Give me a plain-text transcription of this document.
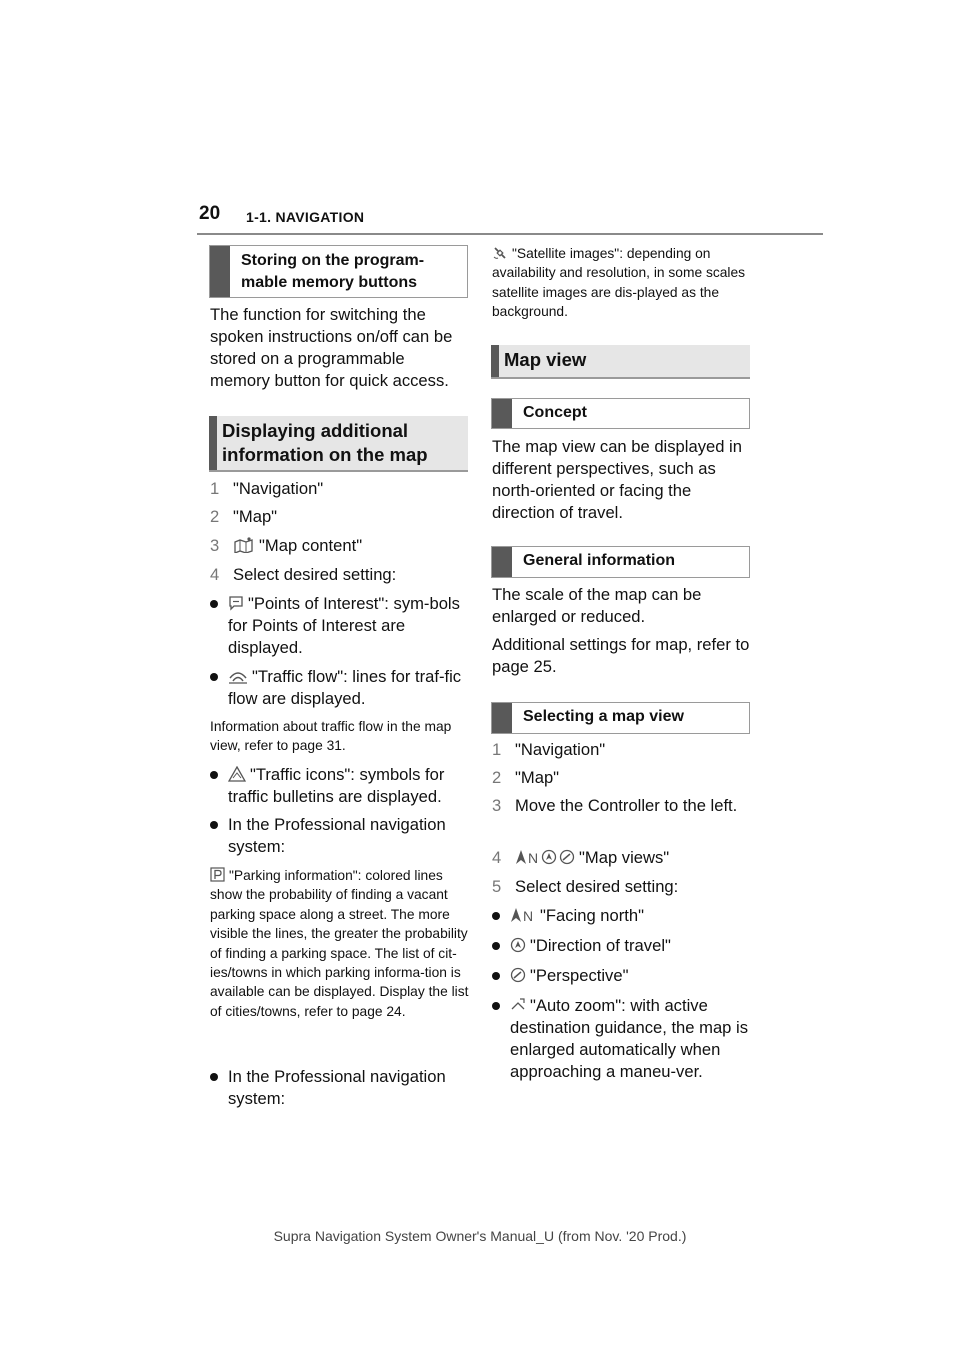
20 1-1. NAVIGATION
Storing on the program-mable memory buttons
The function for switching the spoken instructions on/off can be stored on a programmable memory button for quick access.
Displaying additional information on the map
1 "Navigation"
2 "Map"
3	"Map content"
4 Select desired setting:
"Points of Interest": sym-bols for Points of Interest are displayed.
"Traffic flow": lines for traf-fic flow are displayed.
Information about traffic flow in the map view, refer to page 31.
"Traffic icons": symbols for traffic bulletins are displayed.
In the Professional navigation system:
"Parking information": colored lines show the probability of finding a vacant parking space along a street. The more visible the lines, the greater the probability of finding a parking space. The list of cit-ies/towns in which parking informa-tion is available can be displayed. Display the list of cities/towns, refer to page 24.
In the Professional navigation system:
"Satellite images": depending on availability and resolution, in some scales satellite images are dis-played as the background.
Map view
Concept
The map view can be displayed in different perspectives, such as north-oriented or facing the direction of travel.
General information
The scale of the map can be enlarged or reduced.
Additional settings for map, refer to page 25.
Selecting a map view
1 "Navigation"
2 "Map"
3 Move the Controller to the left.
4 N "Map views"
5 Select desired setting:
N "Facing north"
"Direction of travel"
"Perspective"
"Auto zoom": with active destination guidance, the map is enlarged automatically when approaching a maneu-ver.
Supra Navigation System Owner's Manual_U (from Nov. '20 Prod.)
